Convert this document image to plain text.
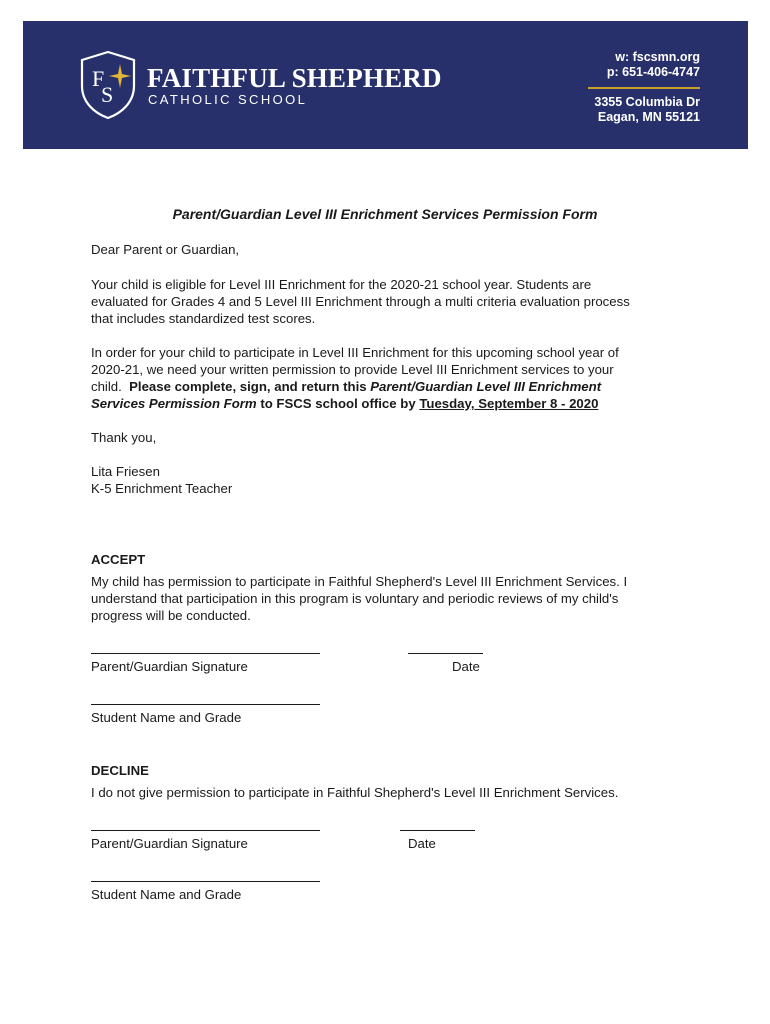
F
S
FAITHFUL SHEPHERD
CATHOLIC SCHOOL
w: fscsmn.org
p: 651-406-4747
3355 Columbia Dr
Eagan, MN 55121
Parent/Guardian Level III Enrichment Services Permission Form
Dear Parent or Guardian,
Your child is eligible for Level III Enrichment for the 2020-21 school year. Students are
evaluated for Grades 4 and 5 Level III Enrichment through a multi criteria evaluation process
that includes standardized test scores.
In order for your child to participate in Level III Enrichment for this upcoming school year of
2020-21, we need your written permission to provide Level III Enrichment services to your
child.  Please complete, sign, and return this Parent/Guardian Level III Enrichment
Services Permission Form to FSCS school office by Tuesday, September 8 - 2020
Thank you,
Lita Friesen
K-5 Enrichment Teacher
ACCEPT
My child has permission to participate in Faithful Shepherd's Level III Enrichment Services. I
understand that participation in this program is voluntary and periodic reviews of my child's
progress will be conducted.
Parent/Guardian Signature	Date
Student Name and Grade
DECLINE
I do not give permission to participate in Faithful Shepherd's Level III Enrichment Services.
Parent/Guardian Signature	Date
Student Name and Grade
